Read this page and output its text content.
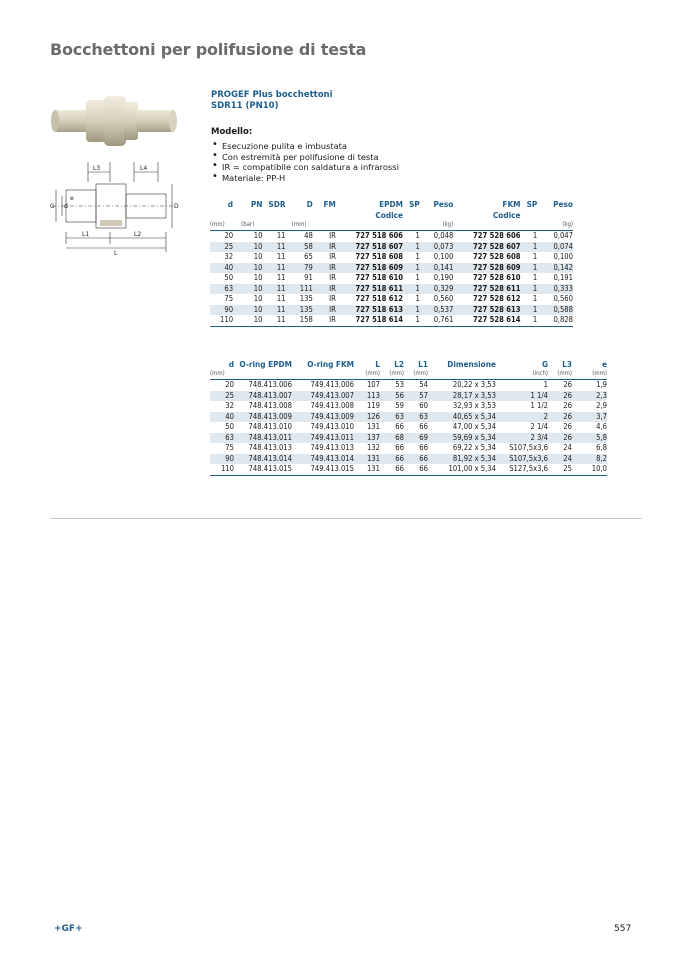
Bocchettoni per polifusione di testa
L3	L4
L1	L2
L
D
G d
e
PROGEF Plus bocchettoni
SDR11 (PN10)
Modello:
• Esecuzione pulita e imbustata
• Con estremità per polifusione di testa
• IR = compatibile con saldatura a infrarossi
• Materiale: PP-H
d	PN	SDR	D	FM	EPDM	SP	Peso	FKM	SP	Peso
					Codice			Codice		
(mm)	(bar)		(mm)				(kg)			(kg)
20	10	11	48	IR	727 518 606	1	0,048	727 528 606	1	0,047
25	10	11	58	IR	727 518 607	1	0,073	727 528 607	1	0,074
32	10	11	65	IR	727 518 608	1	0,100	727 528 608	1	0,100
40	10	11	79	IR	727 518 609	1	0,141	727 528 609	1	0,142
50	10	11	91	IR	727 518 610	1	0,190	727 528 610	1	0,191
63	10	11	111	IR	727 518 611	1	0,329	727 528 611	1	0,333
75	10	11	135	IR	727 518 612	1	0,560	727 528 612	1	0,560
90	10	11	135	IR	727 518 613	1	0,537	727 528 613	1	0,588
110	10	11	158	IR	727 518 614	1	0,761	727 528 614	1	0,828
d	O-ring EPDM	O-ring FKM	L	L2	L1	Dimensione	G	L3	e
(mm)			(mm)	(mm)	(mm)		(inch)	(mm)	(mm)
20	748.413.006	749.413.006	107	53	54	20,22 x 3,53	1	26	1,9
25	748.413.007	749.413.007	113	56	57	28,17 x 3,53	1 1/4	26	2,3
32	748.413.008	749.413.008	119	59	60	32,93 x 3,53	1 1/2	26	2,9
40	748.413.009	749.413.009	126	63	63	40,65 x 5,34	2	26	3,7
50	748.413.010	749.413.010	131	66	66	47,00 x 5,34	2 1/4	26	4,6
63	748.413.011	749.413.011	137	68	69	59,69 x 5,34	2 3/4	26	5,8
75	748.413.013	749.413.013	132	66	66	69,22 x 5,34	S107,5x3,6	24	6,8
90	748.413.014	749.413.014	131	66	66	81,92 x 5,34	S107,5x3,6	24	8,2
110	748.413.015	749.413.015	131	66	66	101,00 x 5,34	S127,5x3,6	25	10,0
+GF+	557
